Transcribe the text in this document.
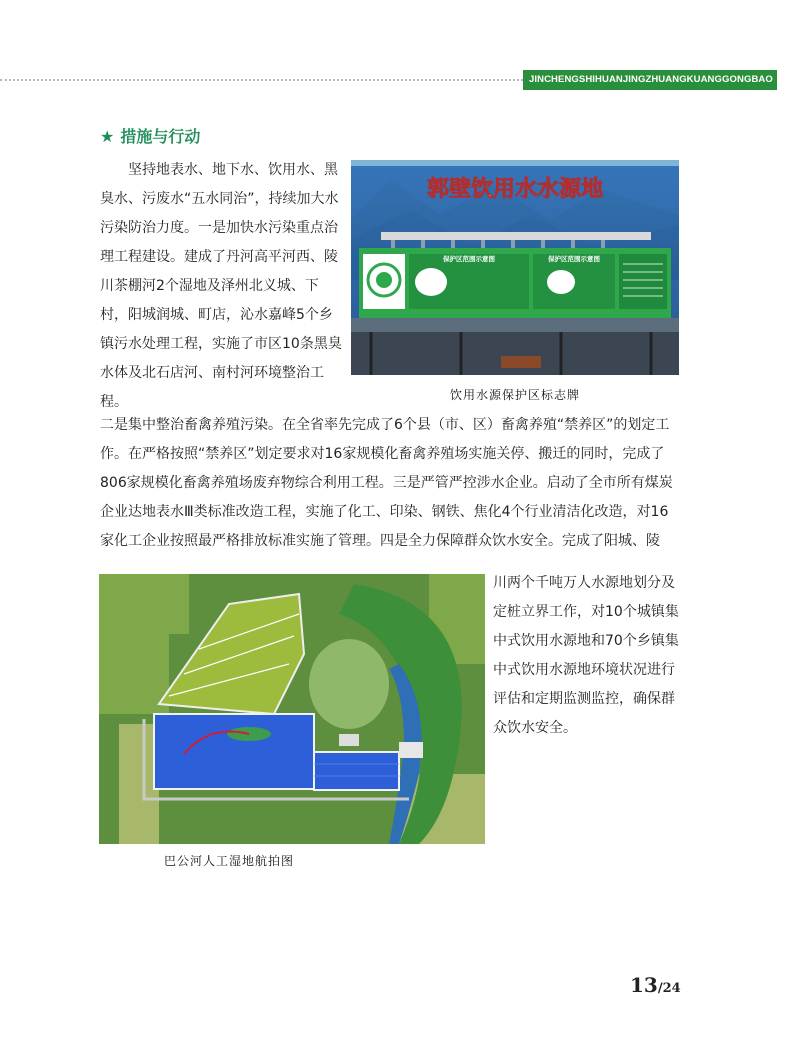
JINCHENGSHIHUANJINGZHUANGKUANGGONGBAO
★ 措施与行动

　　坚持地表水、地下水、饮用水、黑臭水、污废水“五水同治”，持续加大水污染防治力度。一是加快水污染重点治理工程建设。建成了丹河高平河西、陵川茶棚河2个湿地及泽州北义城、下村，阳城润城、町店，沁水嘉峰5个乡镇污水处理工程，实施了市区10条黑臭水体及北石店河、南村河环境整治工程。

郭壁饮用水水源地
保护区范围示意图	保护区范围示意图
饮用水源保护区标志牌

二是集中整治畜禽养殖污染。在全省率先完成了6个县（市、区）畜禽养殖“禁养区”的划定工作。在严格按照“禁养区”划定要求对16家规模化畜禽养殖场实施关停、搬迁的同时，完成了806家规模化畜禽养殖场废弃物综合利用工程。三是严管严控涉水企业。启动了全市所有煤炭企业达地表水Ⅲ类标准改造工程，实施了化工、印染、钢铁、焦化4个行业清洁化改造，对16家化工企业按照最严格排放标准实施了管理。四是全力保障群众饮水安全。完成了阳城、陵

巴公河人工湿地航拍图

川两个千吨万人水源地划分及定桩立界工作，对10个城镇集中式饮用水源地和70个乡镇集中式饮用水源地环境状况进行评估和定期监测监控，确保群众饮水安全。

13/24
